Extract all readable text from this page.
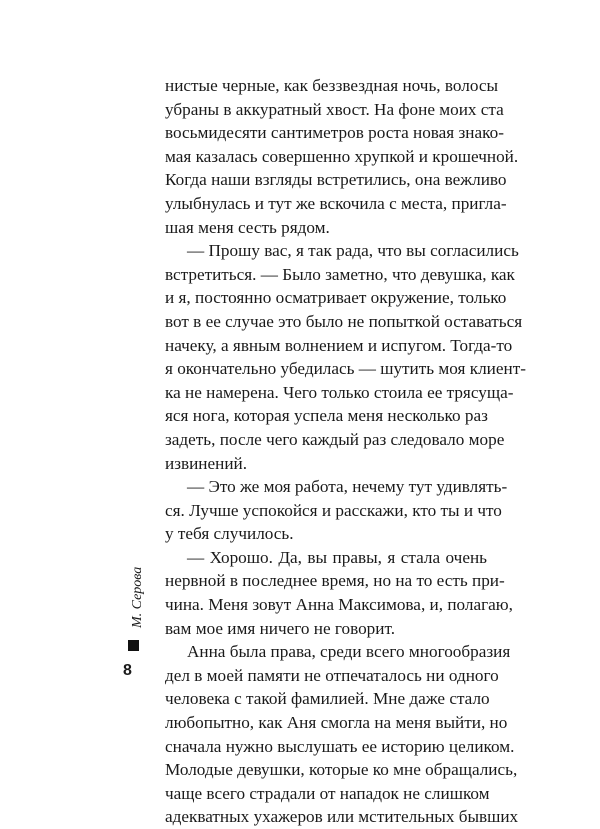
нистые черные, как беззвездная ночь, волосы
убраны в аккуратный хвост. На фоне моих ста
восьмидесяти сантиметров роста новая знако-
мая казалась совершенно хрупкой и крошечной.
Когда наши взгляды встретились, она вежливо
улыбнулась и тут же вскочила с места, пригла-
шая меня сесть рядом.
— Прошу вас, я так рада, что вы согласились
встретиться. — Было заметно, что девушка, как
и я, постоянно осматривает окружение, только
вот в ее случае это было не попыткой оставаться
начеку, а явным волнением и испугом. Тогда-то
я окончательно убедилась — шутить моя клиент-
ка не намерена. Чего только стоила ее трясущa-
яся нога, которая успела меня несколько раз
задеть, после чего каждый раз следовало море
извинений.
— Это же моя работа, нечему тут удивлять-
ся. Лучше успокойся и расскажи, кто ты и что
у тебя случилось.
— Хорошо. Да, вы правы, я стала очень
нервной в последнее время, но на то есть при-
чина. Меня зовут Анна Максимова, и, полагаю,
вам мое имя ничего не говорит.
Анна была права, среди всего многообразия
дел в моей памяти не отпечаталось ни одного
человека с такой фамилией. Мне даже стало
любопытно, как Аня смогла на меня выйти, но
сначала нужно выслушать ее историю целиком.
Молодые девушки, которые ко мне обращались,
чаще всего страдали от нападок не слишком
адекватных ухажеров или мстительных бывших
М. Серова
8
